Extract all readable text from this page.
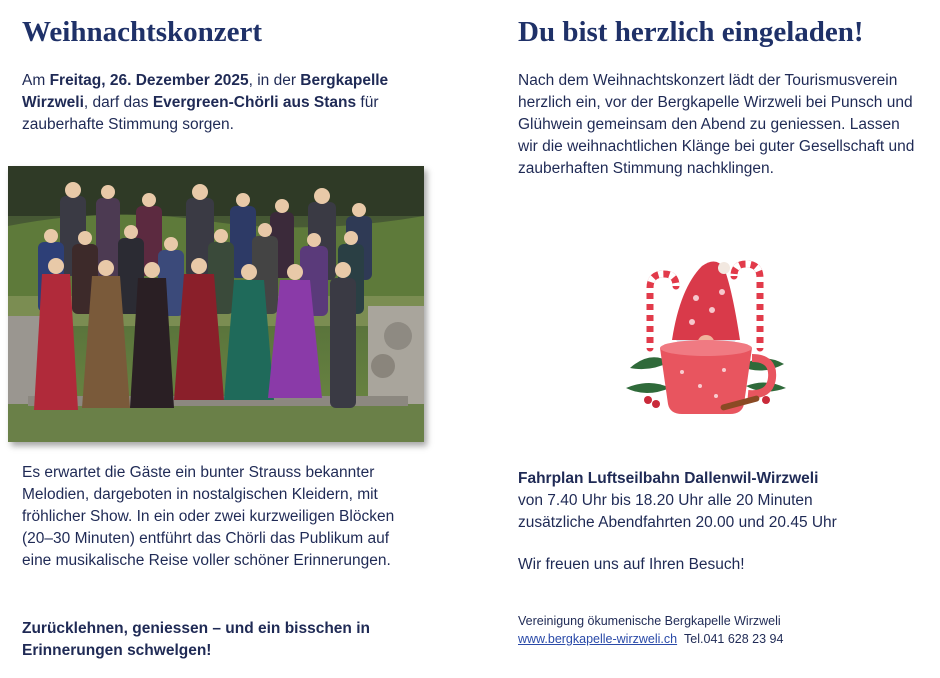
Weihnachtskonzert
Am Freitag, 26. Dezember 2025, in der Bergkapelle Wirzweli, darf das Evergreen-Chörli aus Stans für zauberhafte Stimmung sorgen.
Es erwartet die Gäste ein bunter Strauss bekannter Melodien, dargeboten in nostalgischen Kleidern, mit fröhlicher Show. In ein oder zwei kurzweiligen Blöcken (20–30 Minuten) entführt das Chörli das Publikum auf eine musikalische Reise voller schöner Erinnerungen.
Zurücklehnen, geniessen – und ein bisschen in Erinnerungen schwelgen!
Du bist herzlich eingeladen!
Nach dem Weihnachtskonzert lädt der Tourismusverein herzlich ein, vor der Bergkapelle Wirzweli bei Punsch und Glühwein gemeinsam den Abend zu geniessen. Lassen wir die weihnachtlichen Klänge bei guter Gesellschaft und zauberhaften Stimmung nachklingen.
Fahrplan Luftseilbahn Dallenwil-Wirzweli
von 7.40 Uhr bis 18.20 Uhr alle 20 Minuten
zusätzliche Abendfahrten 20.00 und 20.45 Uhr
Wir freuen uns auf Ihren Besuch!
Vereinigung ökumenische Bergkapelle Wirzweli
www.bergkapelle-wirzweli.ch Tel.041 628 23 94
